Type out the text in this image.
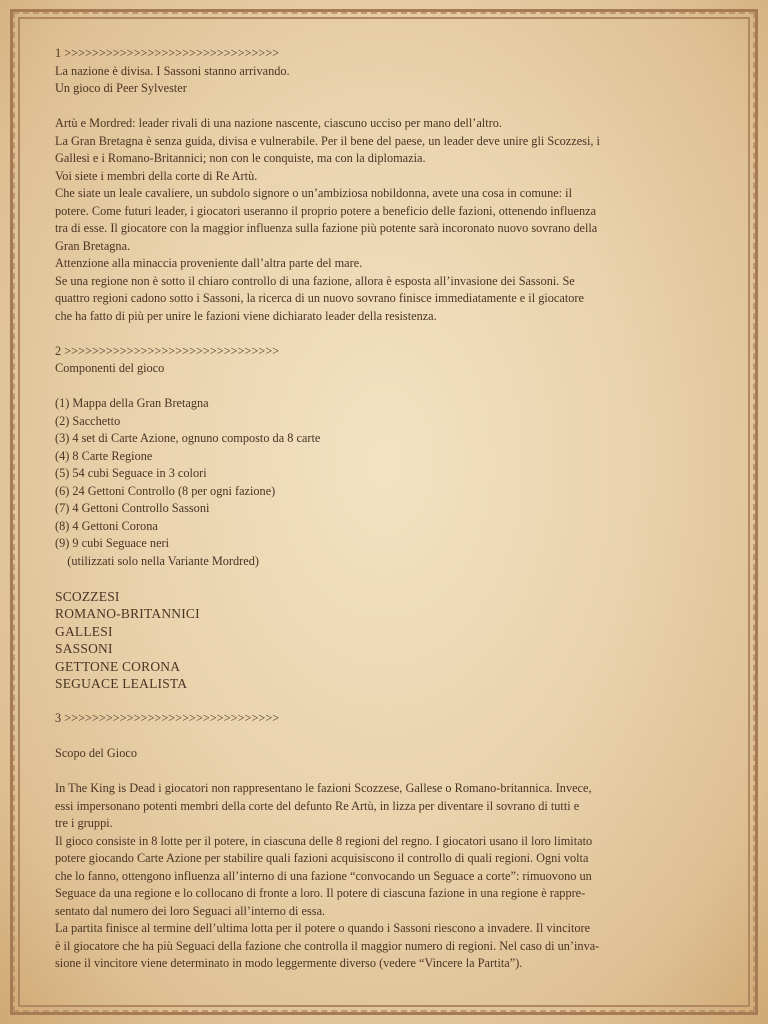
1 >>>>>>>>>>>>>>>>>>>>>>>>>>>>>>>
La nazione è divisa. I Sassoni stanno arrivando.
Un gioco di Peer Sylvester
Artù e Mordred: leader rivali di una nazione nascente, ciascuno ucciso per mano dell’altro.
La Gran Bretagna è senza guida, divisa e vulnerabile. Per il bene del paese, un leader deve unire gli Scozzesi, i
Gallesi e i Romano-Britannici; non con le conquiste, ma con la diplomazia.
Voi siete i membri della corte di Re Artù.
Che siate un leale cavaliere, un subdolo signore o un’ambiziosa nobildonna, avete una cosa in comune: il
potere. Come futuri leader, i giocatori useranno il proprio potere a beneficio delle fazioni, ottenendo influenza
tra di esse. Il giocatore con la maggior influenza sulla fazione più potente sarà incoronato nuovo sovrano della
Gran Bretagna.
Attenzione alla minaccia proveniente dall’altra parte del mare.
Se una regione non è sotto il chiaro controllo di una fazione, allora è esposta all’invasione dei Sassoni. Se
quattro regioni cadono sotto i Sassoni, la ricerca di un nuovo sovrano finisce immediatamente e il giocatore
che ha fatto di più per unire le fazioni viene dichiarato leader della resistenza.
2 >>>>>>>>>>>>>>>>>>>>>>>>>>>>>>>
Componenti del gioco
(1) Mappa della Gran Bretagna
(2) Sacchetto
(3) 4 set di Carte Azione, ognuno composto da 8 carte
(4) 8 Carte Regione
(5) 54 cubi Seguace in 3 colori
(6) 24 Gettoni Controllo (8 per ogni fazione)
(7) 4 Gettoni Controllo Sassoni
(8) 4 Gettoni Corona
(9) 9 cubi Seguace neri
(utilizzati solo nella Variante Mordred)
SCOZZESI
ROMANO-BRITANNICI
GALLESI
SASSONI
GETTONE CORONA
SEGUACE LEALISTA
3 >>>>>>>>>>>>>>>>>>>>>>>>>>>>>>>
Scopo del Gioco
In The King is Dead i giocatori non rappresentano le fazioni Scozzese, Gallese o Romano-britannica. Invece,
essi impersonano potenti membri della corte del defunto Re Artù, in lizza per diventare il sovrano di tutti e
tre i gruppi.
Il gioco consiste in 8 lotte per il potere, in ciascuna delle 8 regioni del regno. I giocatori usano il loro limitato
potere giocando Carte Azione per stabilire quali fazioni acquisiscono il controllo di quali regioni. Ogni volta
che lo fanno, ottengono influenza all’interno di una fazione “convocando un Seguace a corte”: rimuovono un
Seguace da una regione e lo collocano di fronte a loro. Il potere di ciascuna fazione in una regione è rappre-
sentato dal numero dei loro Seguaci all’interno di essa.
La partita finisce al termine dell’ultima lotta per il potere o quando i Sassoni riescono a invadere. Il vincitore
è il giocatore che ha più Seguaci della fazione che controlla il maggior numero di regioni. Nel caso di un’inva-
sione il vincitore viene determinato in modo leggermente diverso (vedere “Vincere la Partita”).
